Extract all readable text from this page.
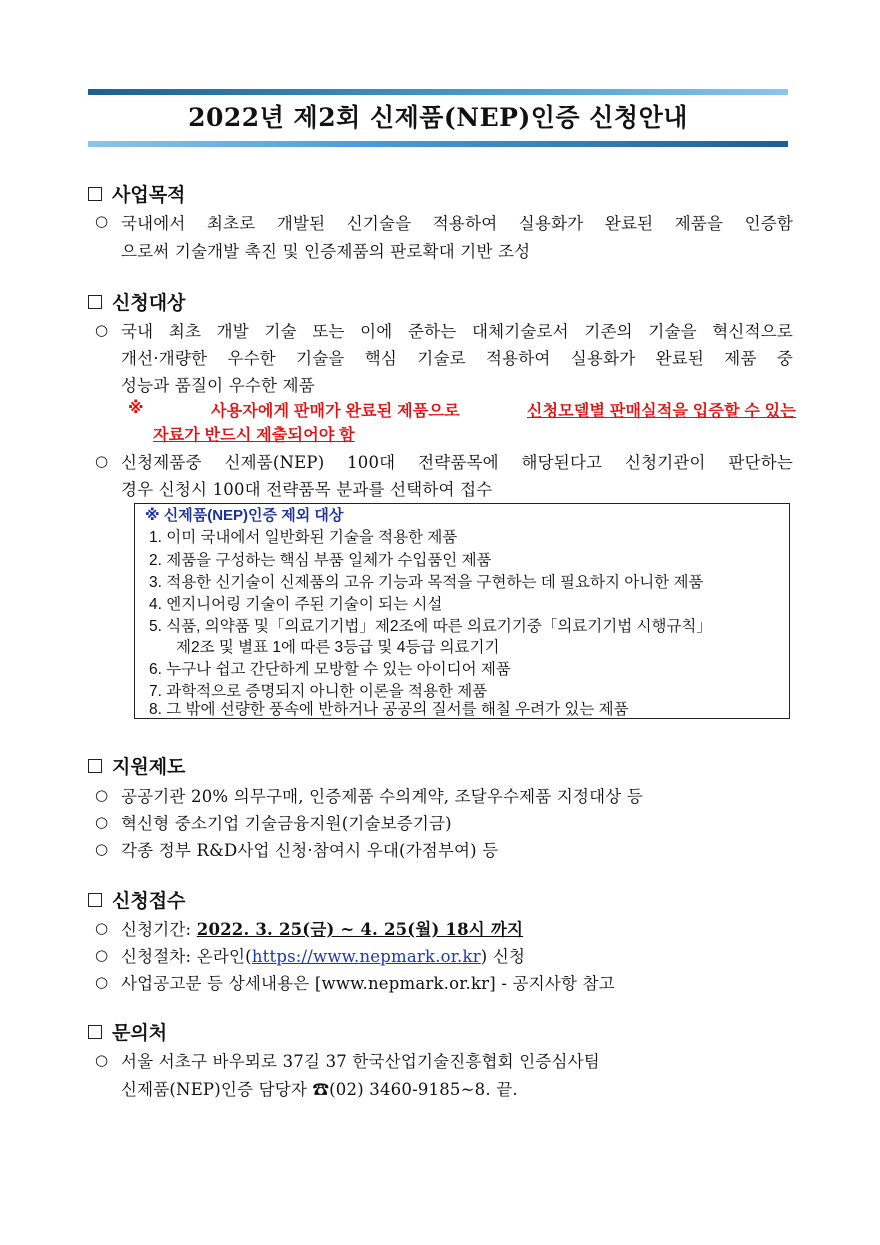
2022년 제2회 신제품(NEP)인증 신청안내
사업목적
○ 국내에서 최초로 개발된 신기술을 적용하여 실용화가 완료된 제품을 인증함
으로써 기술개발 촉진 및 인증제품의 판로확대 기반 조성
신청대상
○ 국내 최초 개발 기술 또는 이에 준하는 대체기술로서 기존의 기술을 혁신적으로
개선·개량한 우수한 기술을 핵심 기술로 적용하여 실용화가 완료된 제품 중
성능과 품질이 우수한 제품
※	사용자에게 판매가 완료된 제품으로	신청모델별 판매실적을 입증할 수 있는
자료가 반드시 제출되어야 함
○ 신청제품중 신제품(NEP) 100대 전략품목에 해당된다고 신청기관이 판단하는
경우 신청시 100대 전략품목 분과를 선택하여 접수
※ 신제품(NEP)인증 제외 대상
1. 이미 국내에서 일반화된 기술을 적용한 제품
2. 제품을 구성하는 핵심 부품 일체가 수입품인 제품
3. 적용한 신기술이 신제품의 고유 기능과 목적을 구현하는 데 필요하지 아니한 제품
4. 엔지니어링 기술이 주된 기술이 되는 시설
5. 식품, 의약품 및「의료기기법」제2조에 따른 의료기기중「의료기기법 시행규칙」
제2조 및 별표 1에 따른 3등급 및 4등급 의료기기
6. 누구나 쉽고 간단하게 모방할 수 있는 아이디어 제품
7. 과학적으로 증명되지 아니한 이론을 적용한 제품
8. 그 밖에 선량한 풍속에 반하거나 공공의 질서를 해칠 우려가 있는 제품
지원제도
○ 공공기관 20% 의무구매, 인증제품 수의계약, 조달우수제품 지정대상 등
○ 혁신형 중소기업 기술금융지원(기술보증기금)
○ 각종 정부 R&D사업 신청·참여시 우대(가점부여) 등
신청접수
○ 신청기간: 2022. 3. 25(금) ~ 4. 25(월) 18시 까지
○ 신청절차: 온라인(https://www.nepmark.or.kr) 신청
○ 사업공고문 등 상세내용은 [www.nepmark.or.kr] - 공지사항 참고
문의처
○ 서울 서초구 바우뫼로 37길 37 한국산업기술진흥협회 인증심사팀
신제품(NEP)인증 담당자 ☎(02) 3460-9185~8. 끝.
